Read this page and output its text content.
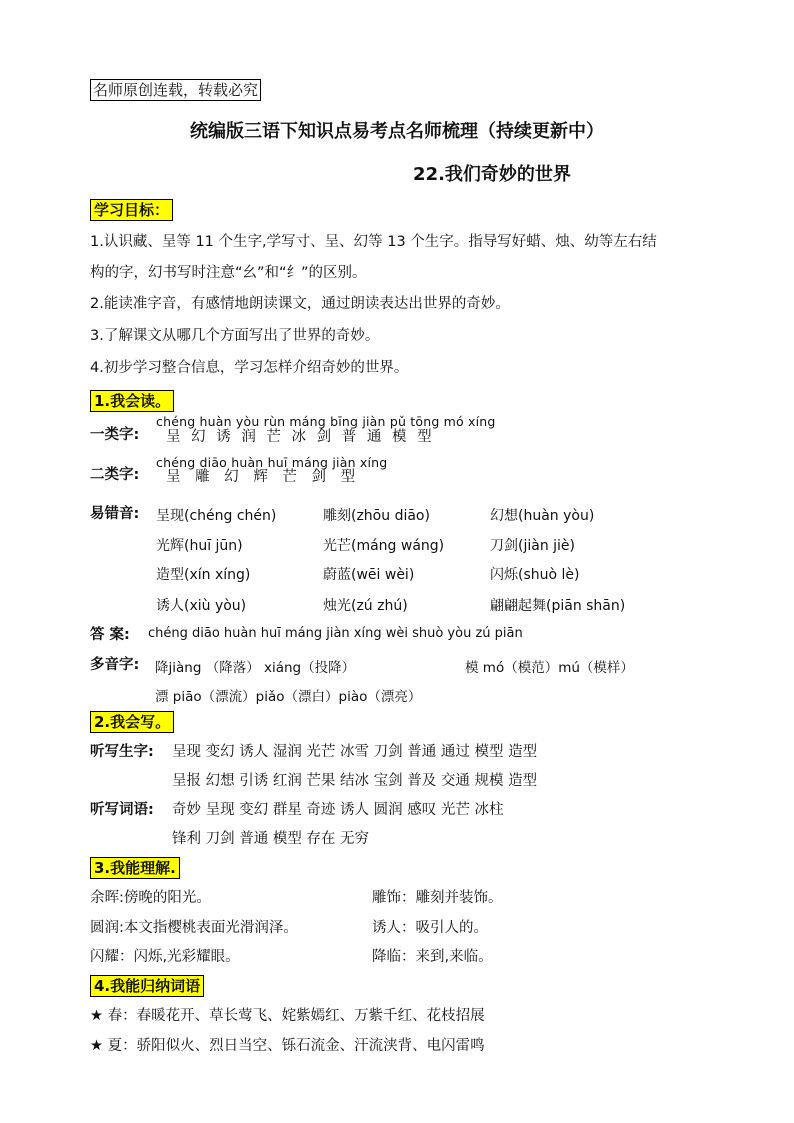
名师原创连载，转载必究
统编版三语下知识点易考点名师梳理（持续更新中）
22.我们奇妙的世界
学习目标：
1.认识藏、呈等 11 个生字,学写寸、呈、幻等 13 个生字。指导写好蜡、烛、幼等左右结
构的字，幻书写时注意“幺”和“纟”的区别。
2.能读准字音，有感情地朗读课文，通过朗读表达出世界的奇妙。
3.了解课文从哪几个方面写出了世界的奇妙。
4.初步学习整合信息，学习怎样介绍奇妙的世界。
1.我会读。
chéng huàn yòu rùn máng bīng jiàn pǔ tōng mó xíng
一类字: 呈 幻 诱 润 芒 冰 剑 普 通 模 型
chéng diāo huàn huī máng jiàn xíng
二类字: 呈 雕 幻 辉 芒 剑 型
易错音: 呈现(chéng chén)	雕刻(zhōu diāo)	幻想(huàn yòu)
光辉(huī jūn)	光芒(máng wáng)	刀剑(jiàn jiè)
造型(xín xíng)	蔚蓝(wēi wèi)	闪烁(shuò lè)
诱人(xiù yòu)	烛光(zú zhú)	翩翩起舞(piān shān)
答 案: chéng diāo huàn huī máng jiàn xíng wèi shuò yòu zú piān
多音字: 降jiàng （降落） xiáng（投降）	模 mó（模范）mú（模样）
漂 piāo（漂流）piǎo（漂白）piào（漂亮）
2.我会写。
听写生字: 呈现 变幻 诱人 湿润 光芒 冰雪 刀剑 普通 通过 模型 造型
呈报 幻想 引诱 红润 芒果 结冰 宝剑 普及 交通 规模 造型
听写词语: 奇妙 呈现 变幻 群星 奇迹 诱人 圆润 感叹 光芒 冰柱
锋利 刀剑 普通 模型 存在 无穷
3.我能理解.
余晖:傍晚的阳光。	雕饰：雕刻并装饰。
圆润:本文指樱桃表面光滑润泽。	诱人：吸引人的。
闪耀：闪烁,光彩耀眼。	降临：来到,来临。
4.我能归纳词语
★ 春：春暖花开、草长莺飞、姹紫嫣红、万紫千红、花枝招展
★ 夏：骄阳似火、烈日当空、铄石流金、汗流浃背、电闪雷鸣
